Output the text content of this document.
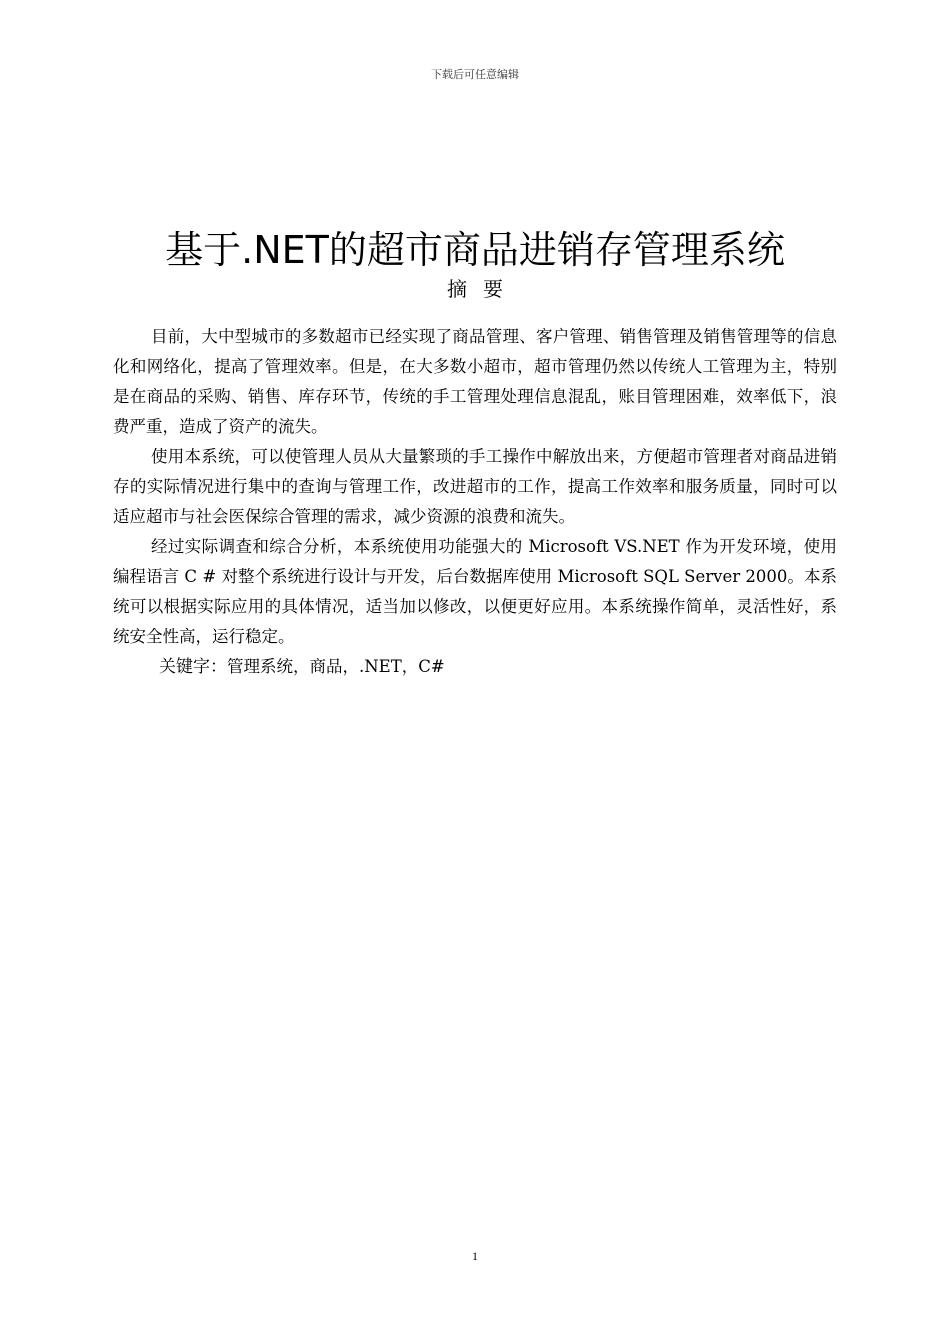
下载后可任意编辑
基于.NET的超市商品进销存管理系统
摘要

目前，大中型城市的多数超市已经实现了商品管理、客户管理、销售管理及销售管理等的信息化和网络化，提高了管理效率。但是，在大多数小超市，超市管理仍然以传统人工管理为主，特别是在商品的采购、销售、库存环节，传统的手工管理处理信息混乱，账目管理困难，效率低下，浪费严重，造成了资产的流失。

使用本系统，可以使管理人员从大量繁琐的手工操作中解放出来，方便超市管理者对商品进销存的实际情况进行集中的查询与管理工作，改进超市的工作，提高工作效率和服务质量，同时可以适应超市与社会医保综合管理的需求，减少资源的浪费和流失。

经过实际调查和综合分析，本系统使用功能强大的 Microsoft VS.NET 作为开发环境，使用编程语言 C # 对整个系统进行设计与开发，后台数据库使用 Microsoft SQL Server 2000。本系统可以根据实际应用的具体情况，适当加以修改，以便更好应用。本系统操作简单，灵活性好，系统安全性高，运行稳定。

关键字：管理系统，商品，.NET，C#

1
